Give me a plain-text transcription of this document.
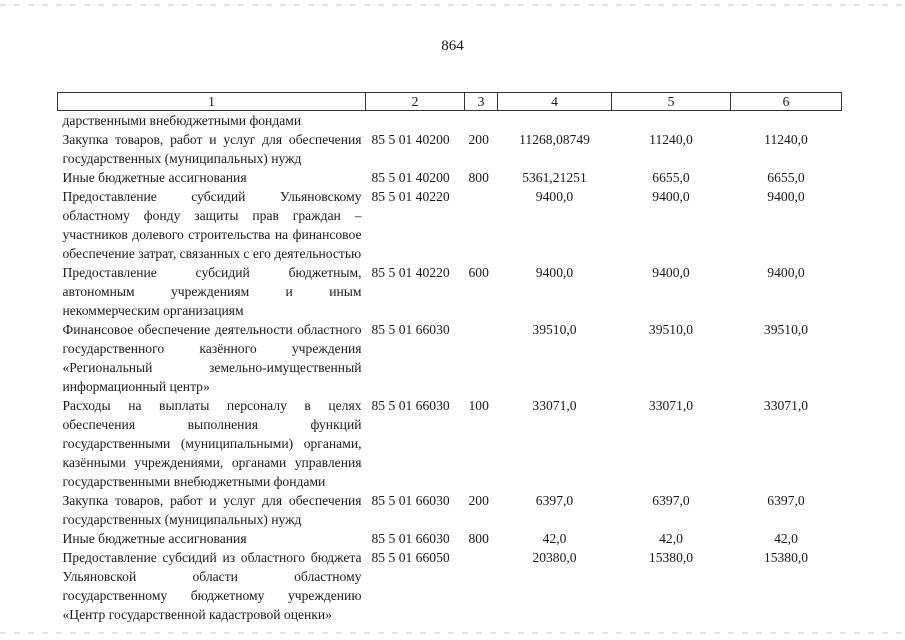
864
1	2	3	4	5	6
дарственными внебюджетными фондами					
Закупка товаров, работ и услуг для обеспечения государственных (муниципальных) нужд	85 5 01 40200	200	11268,08749	11240,0	11240,0
Иные бюджетные ассигнования	85 5 01 40200	800	5361,21251	6655,0	6655,0
Предоставление субсидий Ульяновскому областному фонду защиты прав граждан – участников долевого строительства на финансовое обеспечение затрат, связанных с его деятельностью	85 5 01 40220		9400,0	9400,0	9400,0
Предоставление субсидий бюджетным, автономным учреждениям и иным некоммерческим организациям	85 5 01 40220	600	9400,0	9400,0	9400,0
Финансовое обеспечение деятельности областного государственного казённого учреждения «Региональный земельно-имущественный информационный центр»	85 5 01 66030		39510,0	39510,0	39510,0
Расходы на выплаты персоналу в целях обеспечения выполнения функций государственными (муниципальными) органами, казёнными учреждениями, органами управления государственными внебюджетными фондами	85 5 01 66030	100	33071,0	33071,0	33071,0
Закупка товаров, работ и услуг для обеспечения государственных (муниципальных) нужд	85 5 01 66030	200	6397,0	6397,0	6397,0
Иные бюджетные ассигнования	85 5 01 66030	800	42,0	42,0	42,0
Предоставление субсидий из областного бюджета Ульяновской области областному государственному бюджетному учреждению «Центр государственной кадастровой оценки»	85 5 01 66050		20380,0	15380,0	15380,0
